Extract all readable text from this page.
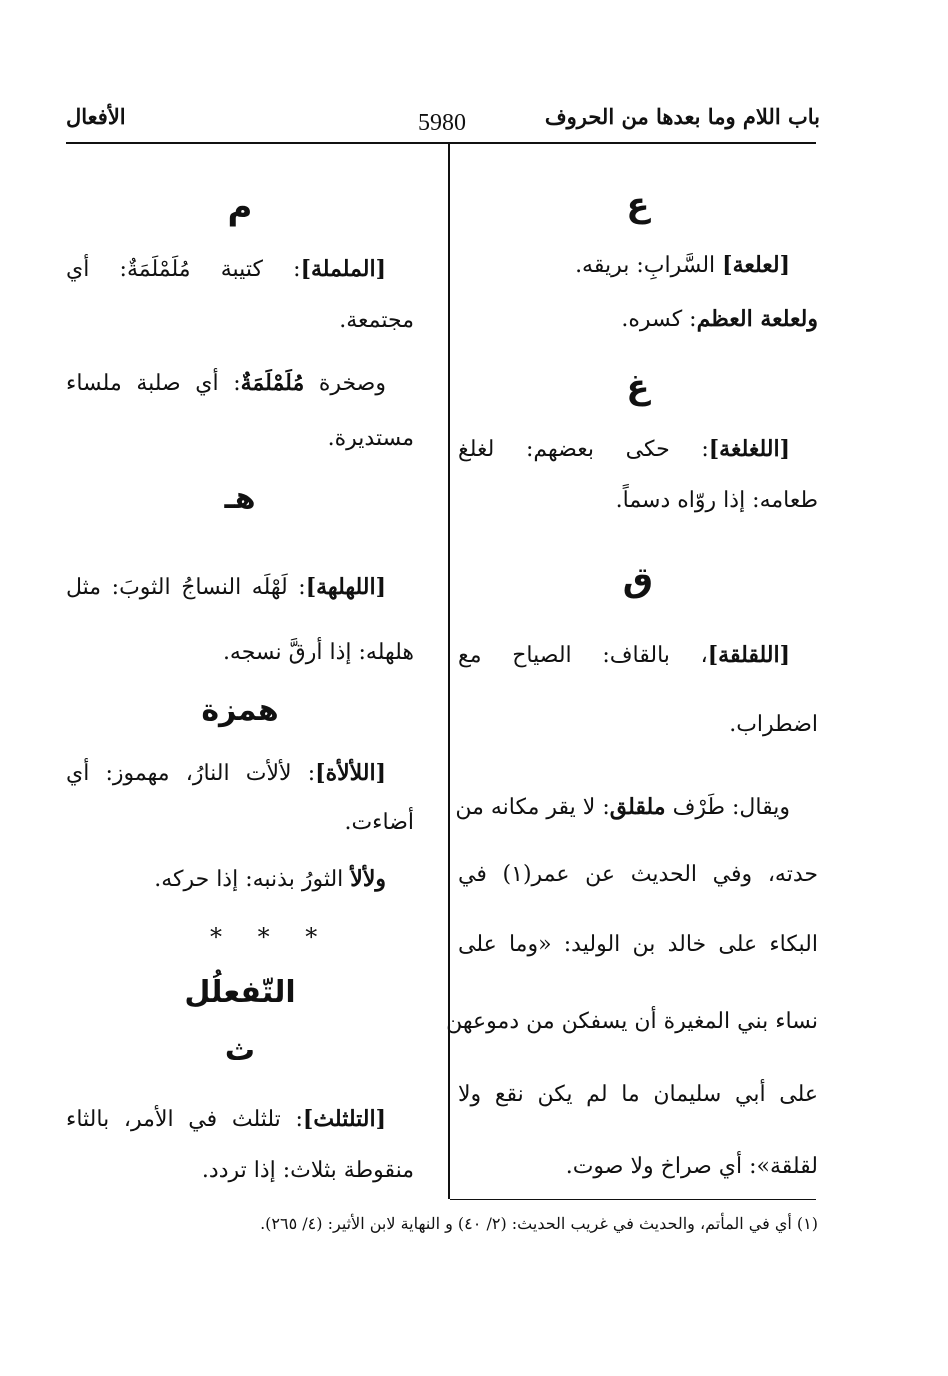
باب اللام وما بعدها من الحروف
5980
الأفعال
ع
[لعلعة] السَّرابِ: بريقه.
ولعلعة العظم: كسره.
غ
[اللغلغة]: حكى بعضهم: لغلغ
طعامه: إذا روّاه دسماً.
ق
[اللقلقة]، بالقاف: الصياح مع
اضطراب.
ويقال: طَرْف ملقلق: لا يقر مكانه من
حدته، وفي الحديث عن عمر(١) في
البكاء على خالد بن الوليد: «وما على
نساء بني المغيرة أن يسفكن من دموعهن
على أبي سليمان ما لم يكن نقع ولا
لقلقة»: أي صراخ ولا صوت.
م
[الململة]: كتيبة مُلَمْلَمَةٌ: أي
مجتمعة.
وصخرة مُلَمْلَمَةٌ: أي صلبة ملساء
مستديرة.
هـ
[اللهلهة]: لَهْلَه النساجُ الثوبَ: مثل
هلهله: إذا أرقَّ نسجه.
همزة
[اللألأة]: لألأت النارُ، مهموز: أي
أضاءت.
ولألأ الثورُ بذنبه: إذا حركه.
التّفعلُل
ث
[التلثلث]: تلثلث في الأمر، بالثاء
منقوطة بثلاث: إذا تردد.
* * *
(١) أي في المأتم، والحديث في غريب الحديث: (٢/ ٤٠) و النهاية لابن الأثير: (٤/ ٢٦٥).
